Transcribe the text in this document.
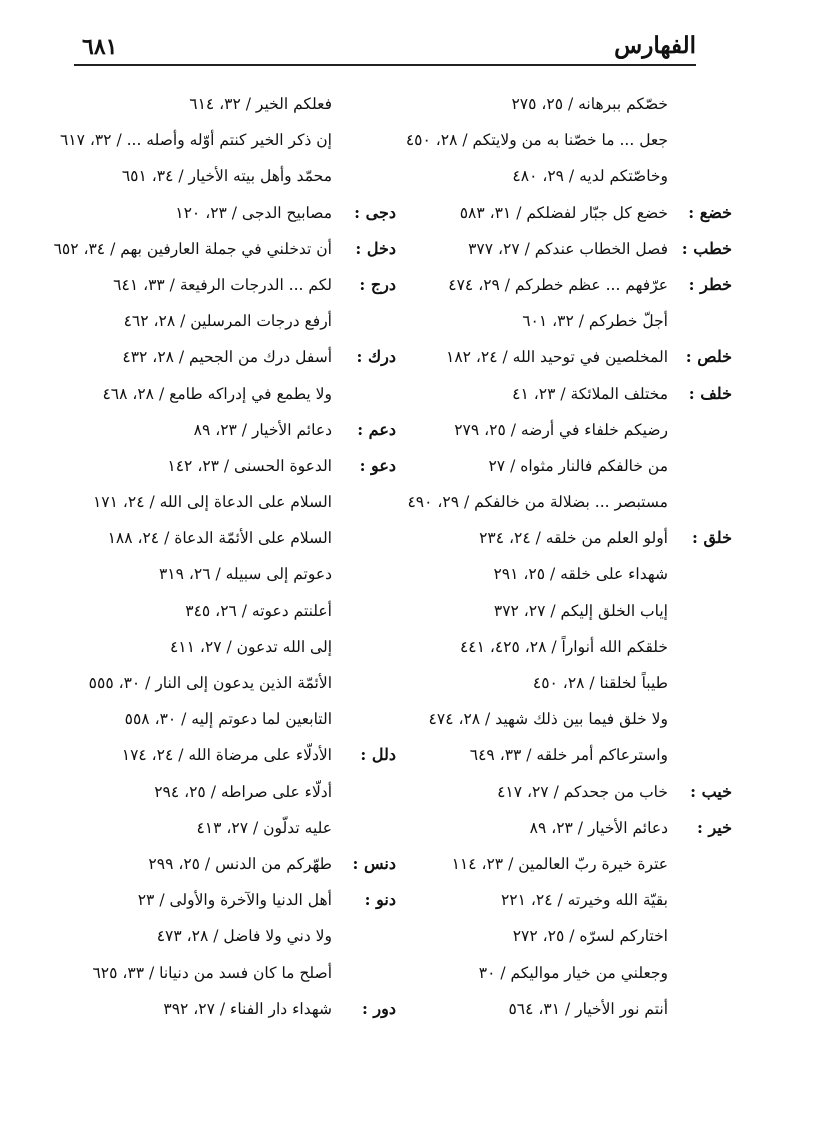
٦٨١	الفهارس
خصّكم ببرهانه / ٢٥، ٢٧٥
جعل ... ما خصّنا به من ولايتكم / ٢٨، ٤٥٠
وخاصّتكم لديه / ٢٩، ٤٨٠
خضع :
خضع كل جبّار لفضلكم / ٣١، ٥٨٣
خطب :
فصل الخطاب عندكم / ٢٧، ٣٧٧
خطر :
عرّفهم ... عظم خطركم / ٢٩، ٤٧٤
أجلّ خطركم / ٣٢، ٦٠١
خلص :
المخلصين في توحيد الله / ٢٤، ١٨٢
خلف :
مختلف الملائكة / ٢٣، ٤١
رضيكم خلفاء في أرضه / ٢٥، ٢٧٩
من خالفكم فالنار مثواه / ٢٧
مستبصر ... بضلالة من خالفكم / ٢٩، ٤٩٠
خلق :
أولو العلم من خلقه / ٢٤، ٢٣٤
شهداء على خلقه / ٢٥، ٢٩١
إياب الخلق إليكم / ٢٧، ٣٧٢
خلقكم الله أنواراً / ٢٨، ٤٢٥، ٤٤١
طيباً لخلقنا / ٢٨، ٤٥٠
ولا خلق فيما بين ذلك شهيد / ٢٨، ٤٧٤
واسترعاكم أمر خلقه / ٣٣، ٦٤٩
خيب :
خاب من جحدكم / ٢٧، ٤١٧
خير :
دعائم الأخيار / ٢٣، ٨٩
عترة خيرة ربّ العالمين / ٢٣، ١١٤
بقيّة الله وخيرته / ٢٤، ٢٢١
اختاركم لسرّه / ٢٥، ٢٧٢
وجعلني من خيار مواليكم / ٣٠
أنتم نور الأخيار / ٣١، ٥٦٤
فعلكم الخير / ٣٢، ٦١٤
إن ذكر الخير كنتم أوّله وأصله ... / ٣٢، ٦١٧
محمّد وأهل بيته الأخيار / ٣٤، ٦٥١
دجى :
مصابيح الدجى / ٢٣، ١٢٠
دخل :
أن تدخلني في جملة العارفين بهم / ٣٤، ٦٥٢
درج :
لكم ... الدرجات الرفيعة / ٣٣، ٦٤١
أرفع درجات المرسلين / ٢٨، ٤٦٢
درك :
أسفل درك من الجحيم / ٢٨، ٤٣٢
ولا يطمع في إدراكه طامع / ٢٨، ٤٦٨
دعم :
دعائم الأخيار / ٢٣، ٨٩
دعو :
الدعوة الحسنى / ٢٣، ١٤٢
السلام على الدعاة إلى الله / ٢٤، ١٧١
السلام على الأئمّة الدعاة / ٢٤، ١٨٨
دعوتم إلى سبيله / ٢٦، ٣١٩
أعلنتم دعوته / ٢٦، ٣٤٥
إلى الله تدعون / ٢٧، ٤١١
الأئمّة الذين يدعون إلى النار / ٣٠، ٥٥٥
التابعين لما دعوتم إليه / ٣٠، ٥٥٨
دلل :
الأدلّاء على مرضاة الله / ٢٤، ١٧٤
أدلّاء على صراطه / ٢٥، ٢٩٤
عليه تدلّون / ٢٧، ٤١٣
دنس :
طهّركم من الدنس / ٢٥، ٢٩٩
دنو :
أهل الدنيا والآخرة والأولى / ٢٣
ولا دني ولا فاضل / ٢٨، ٤٧٣
أصلح ما كان فسد من دنيانا / ٣٣، ٦٢٥
دور :
شهداء دار الفناء / ٢٧، ٣٩٢
